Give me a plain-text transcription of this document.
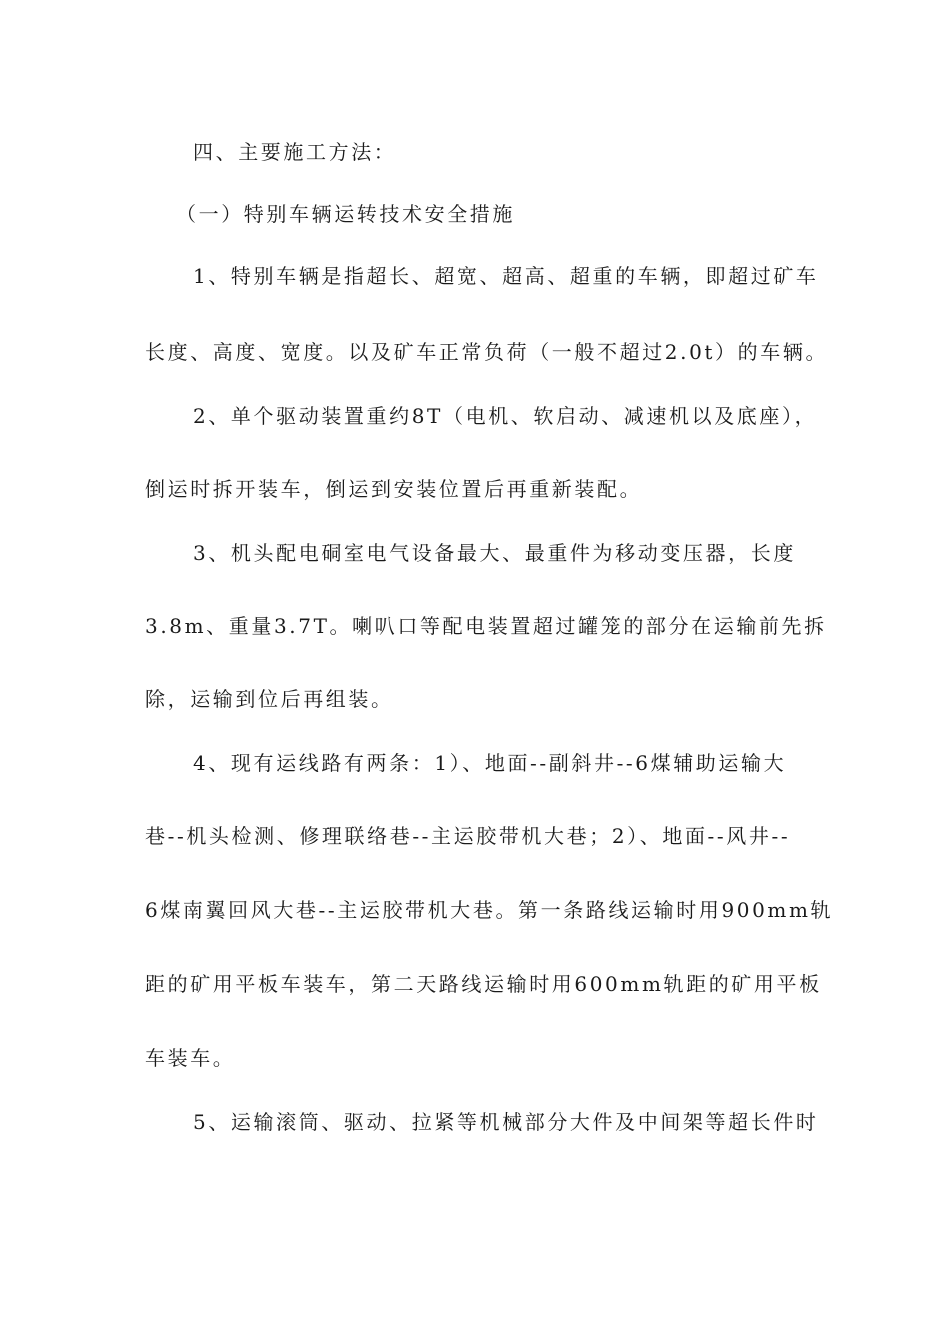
四、主要施工方法：
（一）特别车辆运转技术安全措施
1、特别车辆是指超长、超宽、超高、超重的车辆，即超过矿车
长度、高度、宽度。以及矿车正常负荷（一般不超过2.0t）的车辆。
2、单个驱动装置重约8T（电机、软启动、减速机以及底座），
倒运时拆开装车，倒运到安装位置后再重新装配。
3、机头配电硐室电气设备最大、最重件为移动变压器，长度
3.8m、重量3.7T。喇叭口等配电装置超过罐笼的部分在运输前先拆
除，运输到位后再组装。
4、现有运线路有两条：1）、地面--副斜井--6煤辅助运输大
巷--机头检测、修理联络巷--主运胶带机大巷；2）、地面--风井--
6煤南翼回风大巷--主运胶带机大巷。第一条路线运输时用900mm轨
距的矿用平板车装车，第二天路线运输时用600mm轨距的矿用平板
车装车。
5、运输滚筒、驱动、拉紧等机械部分大件及中间架等超长件时
